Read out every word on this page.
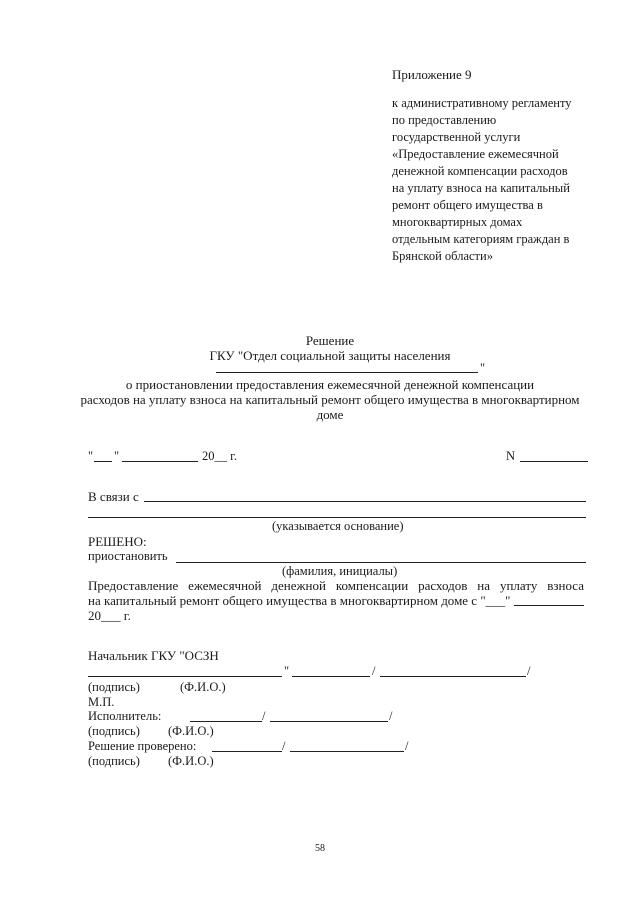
Приложение 9
к административному регламенту
по предоставлению
государственной услуги
«Предоставление ежемесячной
денежной компенсации расходов
на уплату взноса на капитальный
ремонт общего имущества в
многоквартирных домах
отдельным категориям граждан в
Брянской области»
Решение
ГКУ "Отдел социальной защиты населения
"
о приостановлении предоставления ежемесячной денежной компенсации
расходов на уплату взноса на капитальный ремонт общего имущества в многоквартирном
доме
" "	20__ г.	N
В связи с
(указывается основание)
РЕШЕНО:
приостановить
(фамилия, инициалы)
Предоставление ежемесячной денежной компенсации расходов на уплату взноса
на капитальный ремонт общего имущества в многоквартирном доме с "___"
20___ г.
Начальник ГКУ "ОСЗН
"	/	/
(подпись)	(Ф.И.О.)
М.П.
Исполнитель:	/	/
(подпись) (Ф.И.О.)
Решение проверено:	/	/
(подпись) (Ф.И.О.)
58
